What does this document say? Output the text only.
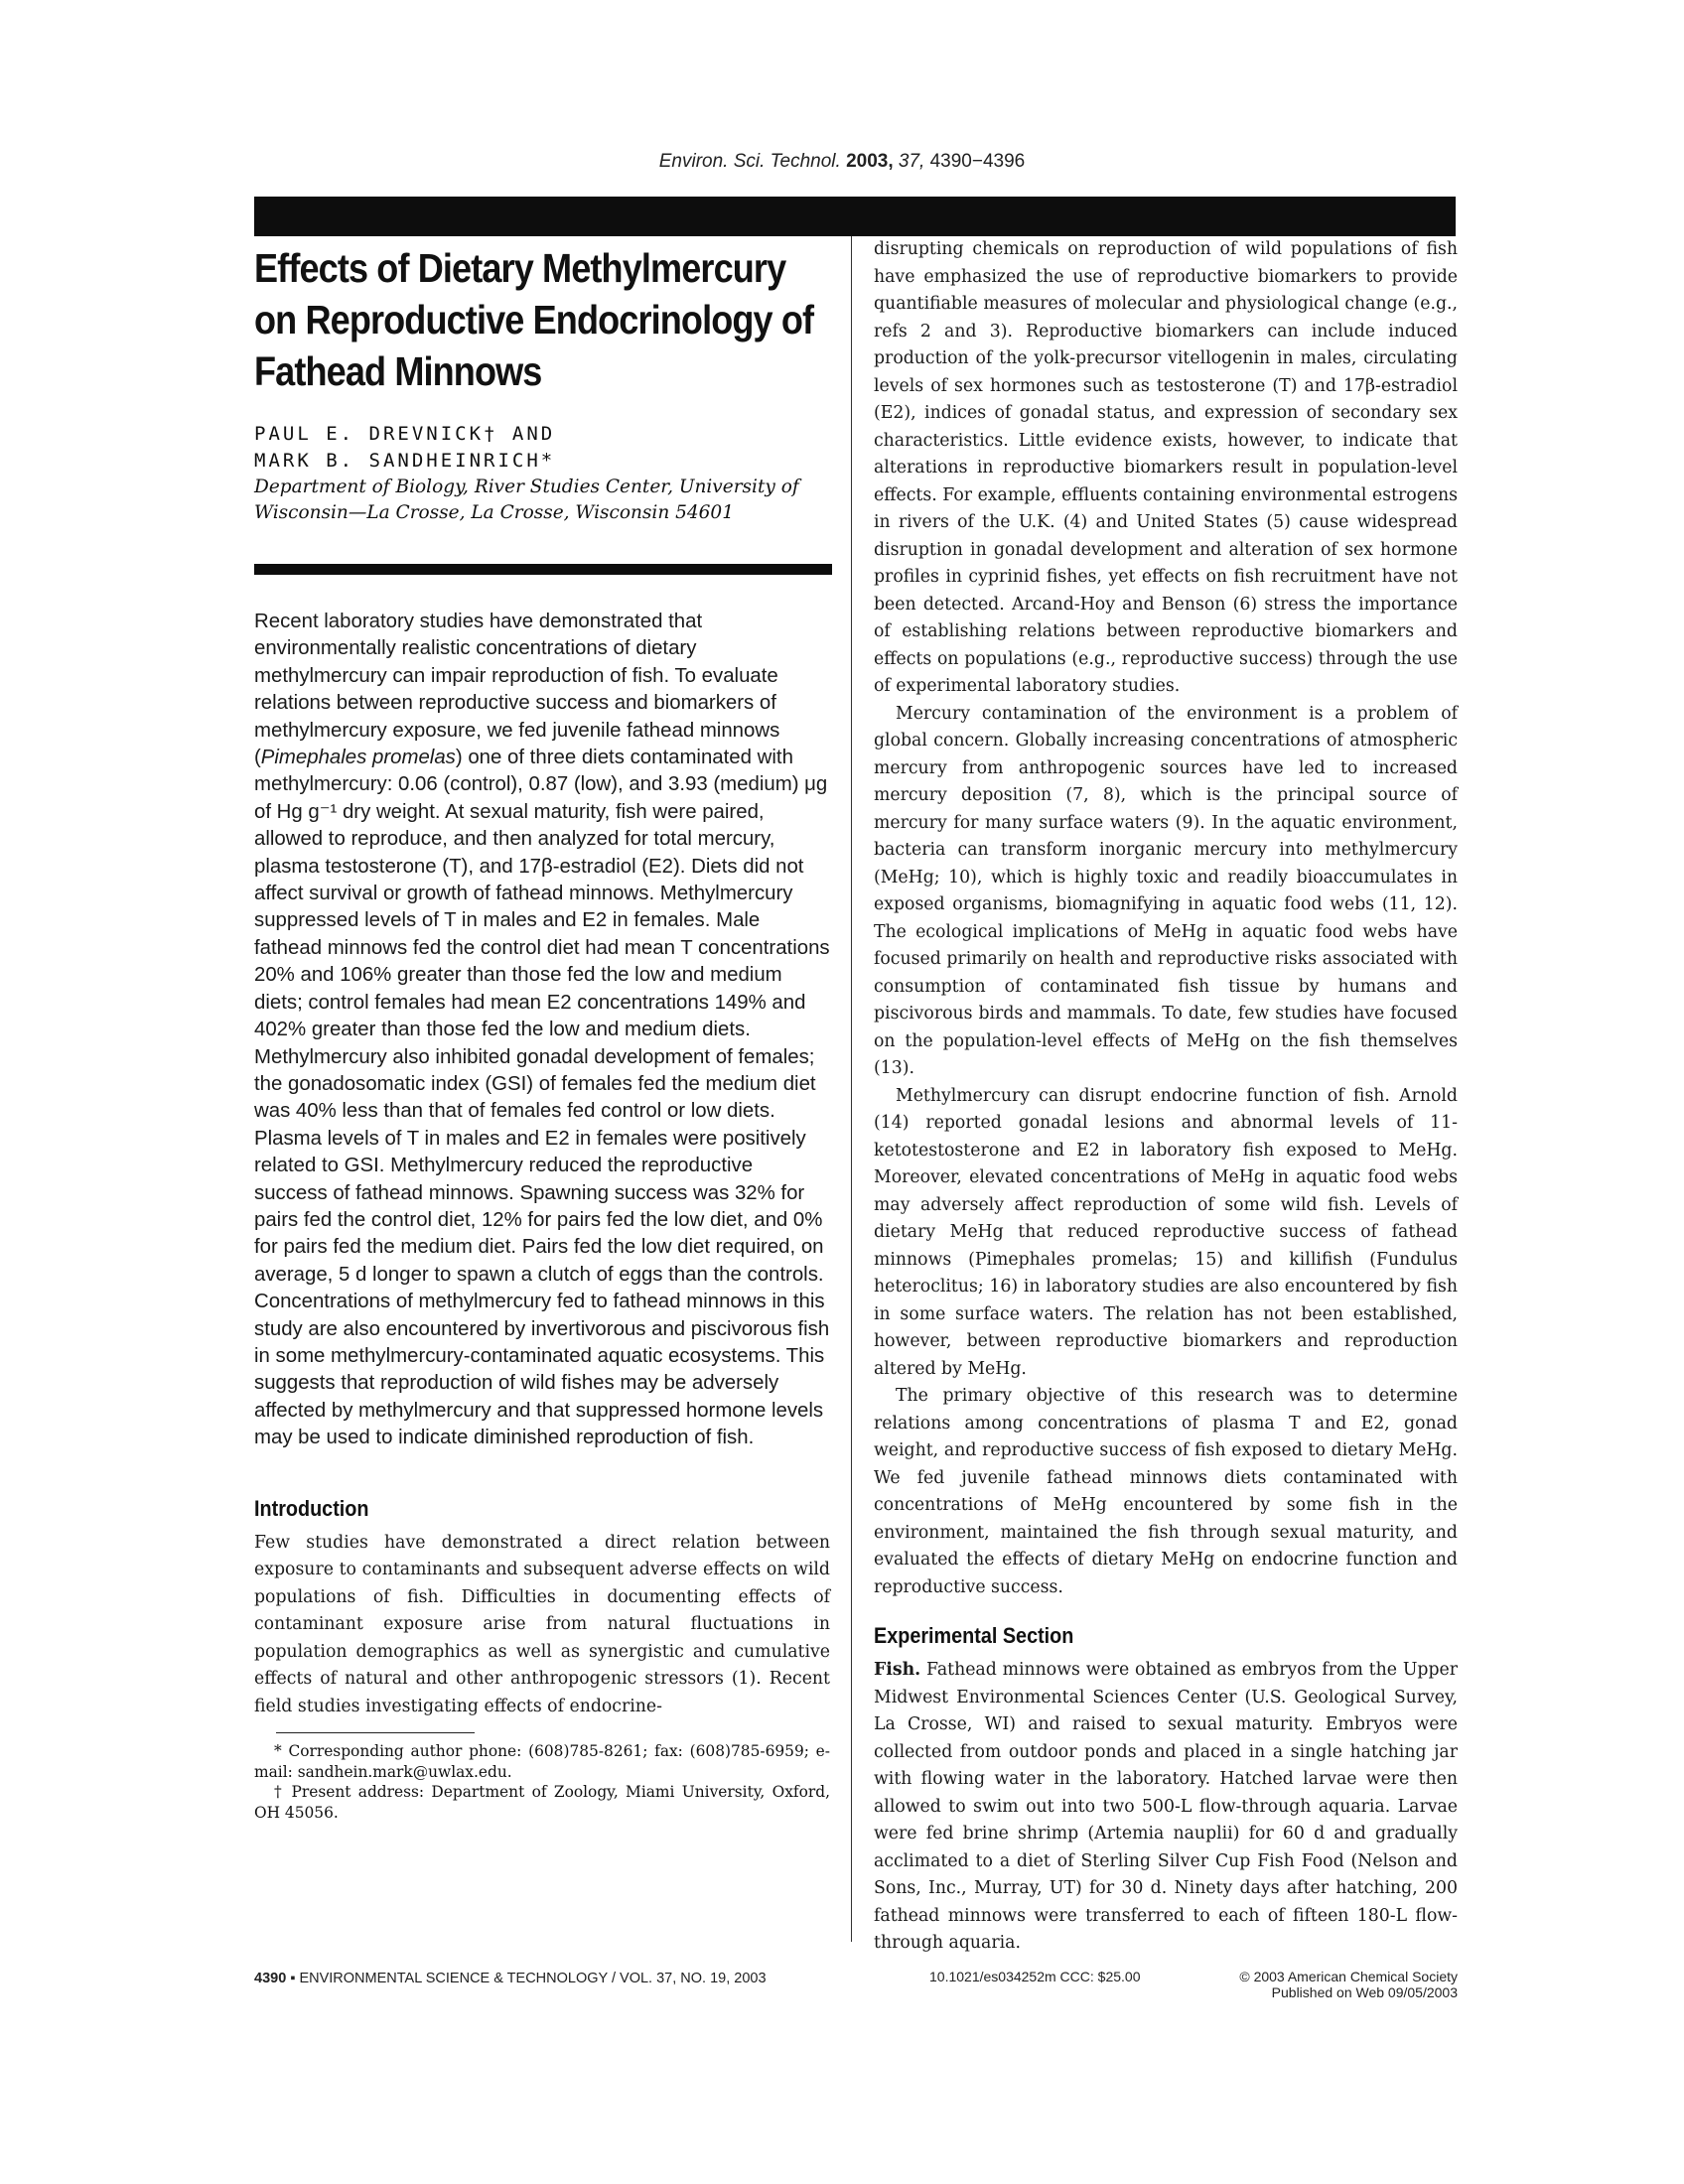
Environ. Sci. Technol. 2003, 37, 4390−4396
Effects of Dietary Methylmercury on Reproductive Endocrinology of Fathead Minnows

PAUL E. DREVNICK† AND

MARK B. SANDHEINRICH*

Department of Biology, River Studies Center, University of Wisconsin—La Crosse, La Crosse, Wisconsin 54601

Recent laboratory studies have demonstrated that environmentally realistic concentrations of dietary methylmercury can impair reproduction of fish. To evaluate relations between reproductive success and biomarkers of methylmercury exposure, we fed juvenile fathead minnows (Pimephales promelas) one of three diets contaminated with methylmercury: 0.06 (control), 0.87 (low), and 3.93 (medium) μg of Hg g⁻¹ dry weight. At sexual maturity, fish were paired, allowed to reproduce, and then analyzed for total mercury, plasma testosterone (T), and 17β-estradiol (E2). Diets did not affect survival or growth of fathead minnows. Methylmercury suppressed levels of T in males and E2 in females. Male fathead minnows fed the control diet had mean T concentrations 20% and 106% greater than those fed the low and medium diets; control females had mean E2 concentrations 149% and 402% greater than those fed the low and medium diets. Methylmercury also inhibited gonadal development of females; the gonadosomatic index (GSI) of females fed the medium diet was 40% less than that of females fed control or low diets. Plasma levels of T in males and E2 in females were positively related to GSI. Methylmercury reduced the reproductive success of fathead minnows. Spawning success was 32% for pairs fed the control diet, 12% for pairs fed the low diet, and 0% for pairs fed the medium diet. Pairs fed the low diet required, on average, 5 d longer to spawn a clutch of eggs than the controls. Concentrations of methylmercury fed to fathead minnows in this study are also encountered by invertivorous and piscivorous fish in some methylmercury-contaminated aquatic ecosystems. This suggests that reproduction of wild fishes may be adversely affected by methylmercury and that suppressed hormone levels may be used to indicate diminished reproduction of fish.

Introduction

Few studies have demonstrated a direct relation between exposure to contaminants and subsequent adverse effects on wild populations of fish. Difficulties in documenting effects of contaminant exposure arise from natural fluctuations in population demographics as well as synergistic and cumulative effects of natural and other anthropogenic stressors (1). Recent field studies investigating effects of endocrine-

* Corresponding author phone: (608)785-8261; fax: (608)785-6959; e-mail: sandhein.mark@uwlax.edu.

† Present address: Department of Zoology, Miami University, Oxford, OH 45056.

disrupting chemicals on reproduction of wild populations of fish have emphasized the use of reproductive biomarkers to provide quantifiable measures of molecular and physiological change (e.g., refs 2 and 3). Reproductive biomarkers can include induced production of the yolk-precursor vitellogenin in males, circulating levels of sex hormones such as testosterone (T) and 17β-estradiol (E2), indices of gonadal status, and expression of secondary sex characteristics. Little evidence exists, however, to indicate that alterations in reproductive biomarkers result in population-level effects. For example, effluents containing environmental estrogens in rivers of the U.K. (4) and United States (5) cause widespread disruption in gonadal development and alteration of sex hormone profiles in cyprinid fishes, yet effects on fish recruitment have not been detected. Arcand-Hoy and Benson (6) stress the importance of establishing relations between reproductive biomarkers and effects on populations (e.g., reproductive success) through the use of experimental laboratory studies.

Mercury contamination of the environment is a problem of global concern. Globally increasing concentrations of atmospheric mercury from anthropogenic sources have led to increased mercury deposition (7, 8), which is the principal source of mercury for many surface waters (9). In the aquatic environment, bacteria can transform inorganic mercury into methylmercury (MeHg; 10), which is highly toxic and readily bioaccumulates in exposed organisms, biomagnifying in aquatic food webs (11, 12). The ecological implications of MeHg in aquatic food webs have focused primarily on health and reproductive risks associated with consumption of contaminated fish tissue by humans and piscivorous birds and mammals. To date, few studies have focused on the population-level effects of MeHg on the fish themselves (13).

Methylmercury can disrupt endocrine function of fish. Arnold (14) reported gonadal lesions and abnormal levels of 11-ketotestosterone and E2 in laboratory fish exposed to MeHg. Moreover, elevated concentrations of MeHg in aquatic food webs may adversely affect reproduction of some wild fish. Levels of dietary MeHg that reduced reproductive success of fathead minnows (Pimephales promelas; 15) and killifish (Fundulus heteroclitus; 16) in laboratory studies are also encountered by fish in some surface waters. The relation has not been established, however, between reproductive biomarkers and reproduction altered by MeHg.

The primary objective of this research was to determine relations among concentrations of plasma T and E2, gonad weight, and reproductive success of fish exposed to dietary MeHg. We fed juvenile fathead minnows diets contaminated with concentrations of MeHg encountered by some fish in the environment, maintained the fish through sexual maturity, and evaluated the effects of dietary MeHg on endocrine function and reproductive success.

Experimental Section

Fish. Fathead minnows were obtained as embryos from the Upper Midwest Environmental Sciences Center (U.S. Geological Survey, La Crosse, WI) and raised to sexual maturity. Embryos were collected from outdoor ponds and placed in a single hatching jar with flowing water in the laboratory. Hatched larvae were then allowed to swim out into two 500-L flow-through aquaria. Larvae were fed brine shrimp (Artemia nauplii) for 60 d and gradually acclimated to a diet of Sterling Silver Cup Fish Food (Nelson and Sons, Inc., Murray, UT) for 30 d. Ninety days after hatching, 200 fathead minnows were transferred to each of fifteen 180-L flow-through aquaria.

4390 ▪ ENVIRONMENTAL SCIENCE & TECHNOLOGY / VOL. 37, NO. 19, 2003	10.1021/es034252m CCC: $25.00	© 2003 American Chemical Society
Published on Web 09/05/2003
